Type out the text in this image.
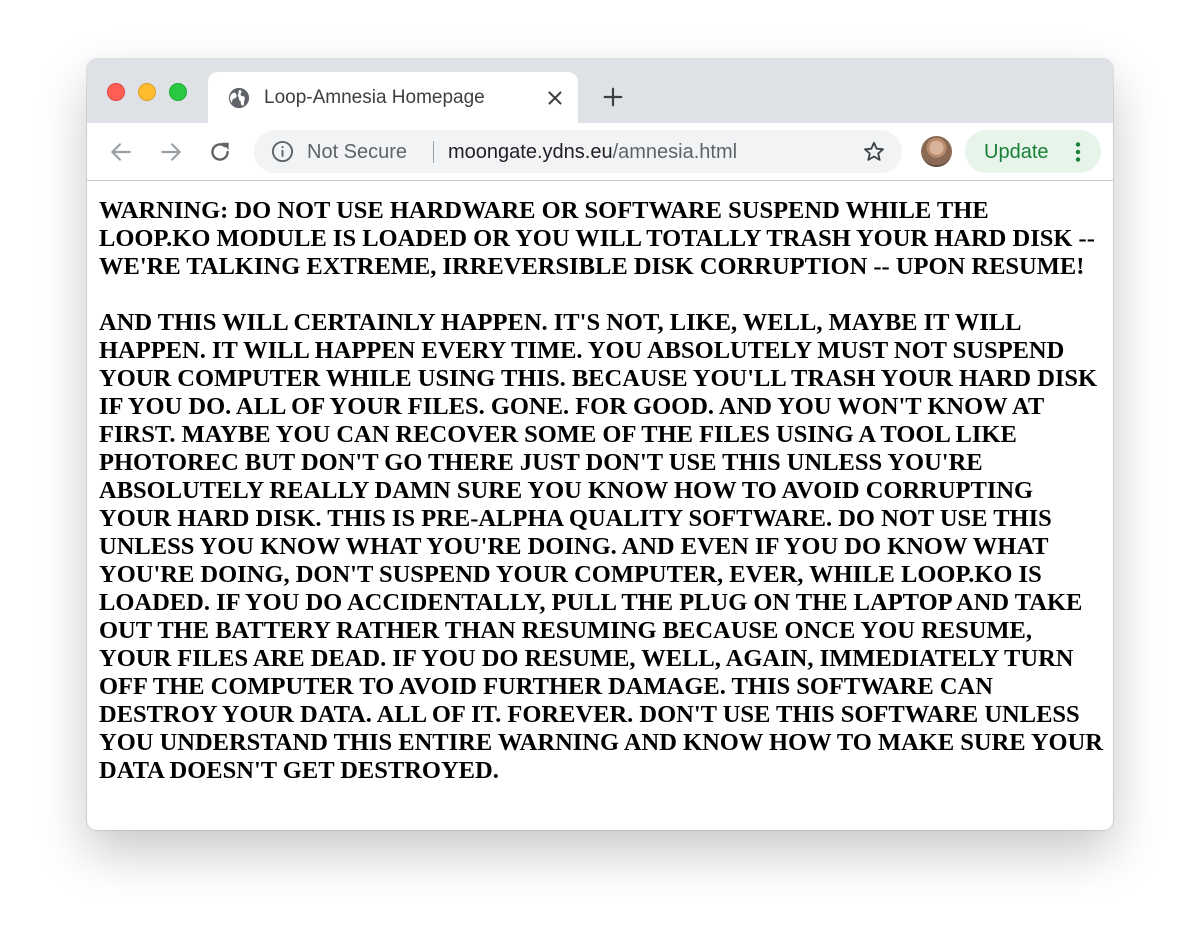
Loop-Amnesia Homepage
Not Secure moongate.ydns.eu/amnesia.html	Update

WARNING: DO NOT USE HARDWARE OR SOFTWARE SUSPEND WHILE THE LOOP.KO MODULE IS LOADED OR YOU WILL TOTALLY TRASH YOUR HARD DISK -- WE'RE TALKING EXTREME, IRREVERSIBLE DISK CORRUPTION -- UPON RESUME!

AND THIS WILL CERTAINLY HAPPEN. IT'S NOT, LIKE, WELL, MAYBE IT WILL HAPPEN. IT WILL HAPPEN EVERY TIME. YOU ABSOLUTELY MUST NOT SUSPEND YOUR COMPUTER WHILE USING THIS. BECAUSE YOU'LL TRASH YOUR HARD DISK IF YOU DO. ALL OF YOUR FILES. GONE. FOR GOOD. AND YOU WON'T KNOW AT FIRST. MAYBE YOU CAN RECOVER SOME OF THE FILES USING A TOOL LIKE PHOTOREC BUT DON'T GO THERE JUST DON'T USE THIS UNLESS YOU'RE ABSOLUTELY REALLY DAMN SURE YOU KNOW HOW TO AVOID CORRUPTING YOUR HARD DISK. THIS IS PRE-ALPHA QUALITY SOFTWARE. DO NOT USE THIS UNLESS YOU KNOW WHAT YOU'RE DOING. AND EVEN IF YOU DO KNOW WHAT YOU'RE DOING, DON'T SUSPEND YOUR COMPUTER, EVER, WHILE LOOP.KO IS LOADED. IF YOU DO ACCIDENTALLY, PULL THE PLUG ON THE LAPTOP AND TAKE OUT THE BATTERY RATHER THAN RESUMING BECAUSE ONCE YOU RESUME, YOUR FILES ARE DEAD. IF YOU DO RESUME, WELL, AGAIN, IMMEDIATELY TURN OFF THE COMPUTER TO AVOID FURTHER DAMAGE. THIS SOFTWARE CAN DESTROY YOUR DATA. ALL OF IT. FOREVER. DON'T USE THIS SOFTWARE UNLESS YOU UNDERSTAND THIS ENTIRE WARNING AND KNOW HOW TO MAKE SURE YOUR DATA DOESN'T GET DESTROYED.
